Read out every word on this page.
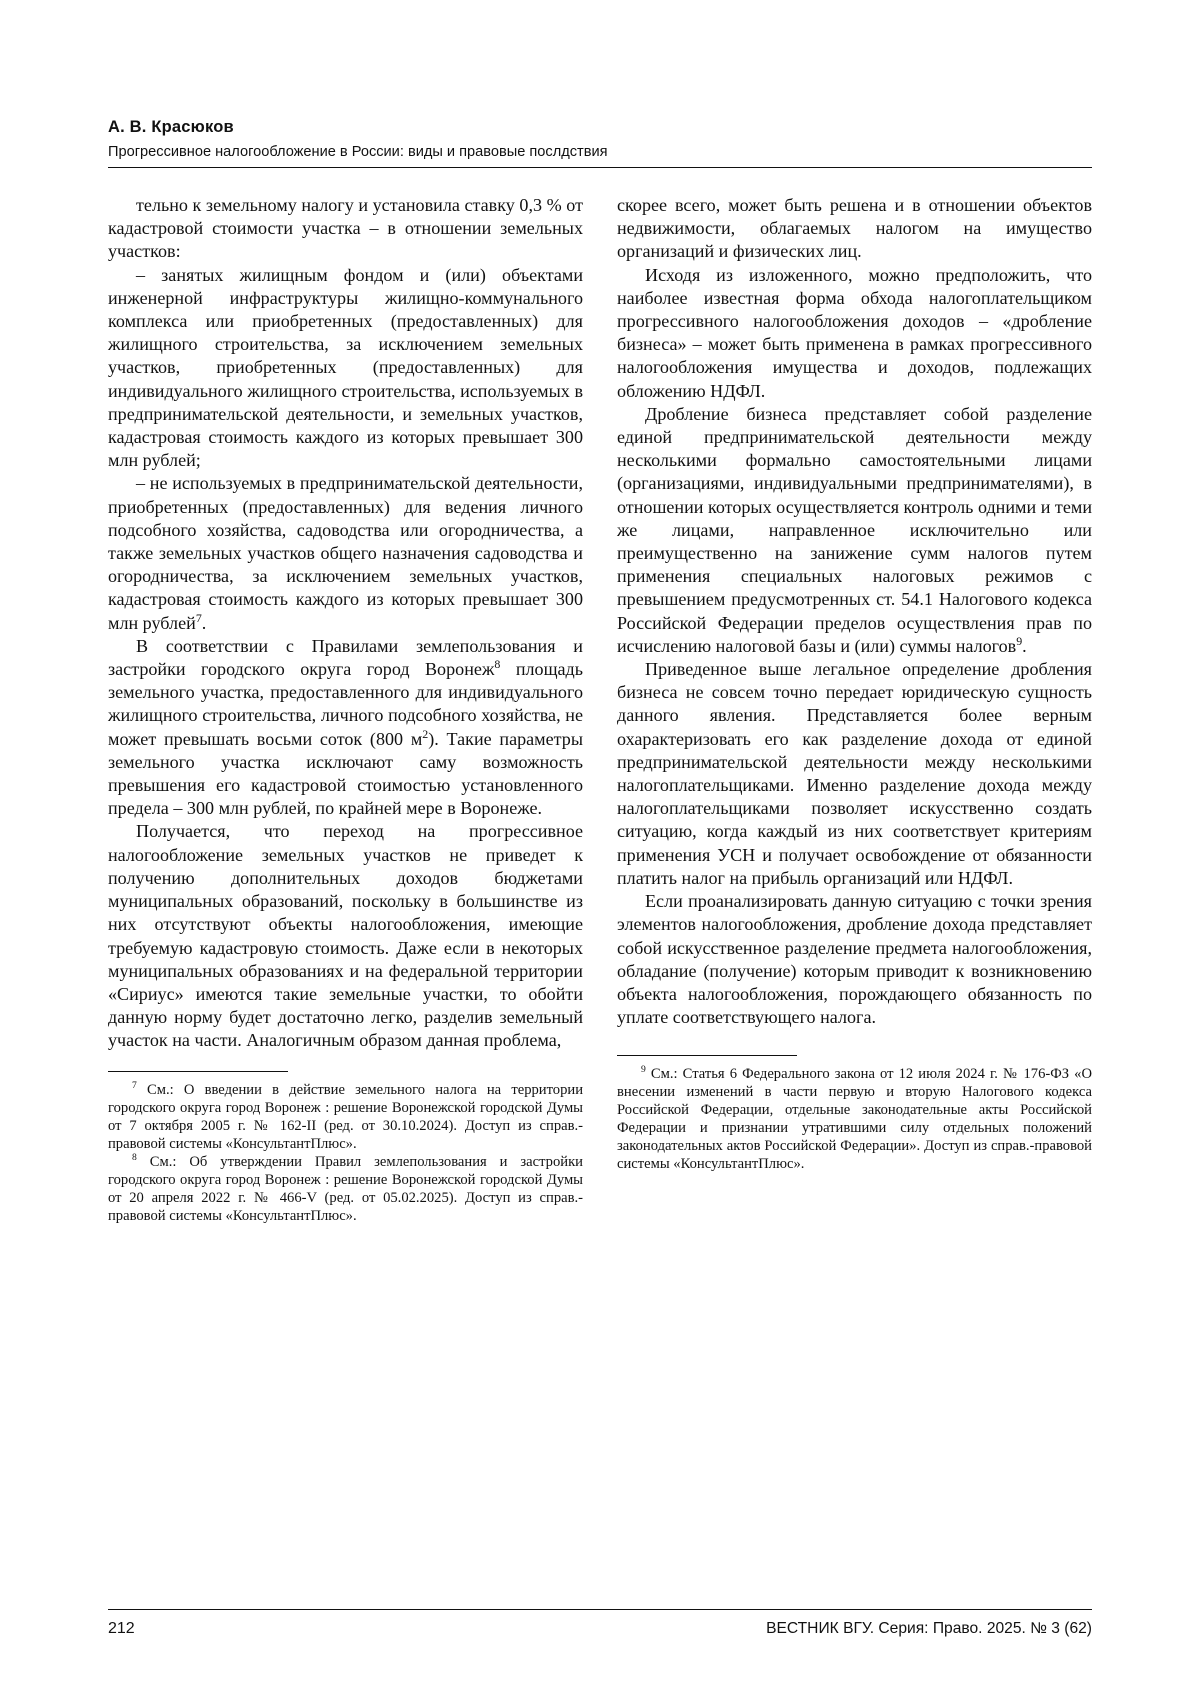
А. В. Красюков
Прогрессивное налогообложение в России: виды и правовые послдствия

тельно к земельному налогу и установила ставку 0,3 % от кадастровой стоимости участка – в отношении земельных участков:

– занятых жилищным фондом и (или) объектами инженерной инфраструктуры жилищно-коммунального комплекса или приобретенных (предоставленных) для жилищного строительства, за исключением земельных участков, приобретенных (предоставленных) для индивидуального жилищного строительства, используемых в предпринимательской деятельности, и земельных участков, кадастровая стоимость каждого из которых превышает 300 млн рублей;

– не используемых в предпринимательской деятельности, приобретенных (предоставленных) для ведения личного подсобного хозяйства, садоводства или огородничества, а также земельных участков общего назначения садоводства и огородничества, за исключением земельных участков, кадастровая стоимость каждого из которых превышает 300 млн рублей$^7$.

В соответствии с Правилами землепользования и застройки городского округа город Воронеж$^8$ площадь земельного участка, предоставленного для индивидуального жилищного строительства, личного подсобного хозяйства, не может превышать восьми соток (800 $м^2$). Такие параметры земельного участка исключают саму возможность превышения его кадастровой стоимостью установленного предела – 300 млн рублей, по крайней мере в Воронеже.

Получается, что переход на прогрессивное налогообложение земельных участков не приведет к получению дополнительных доходов бюджетами муниципальных образований, поскольку в большинстве из них отсутствуют объекты налогообложения, имеющие требуемую кадастровую стоимость. Даже если в некоторых муниципальных образованиях и на федеральной территории «Сириус» имеются такие земельные участки, то обойти данную норму будет достаточно легко, разделив земельный участок на части. Аналогичным образом данная проблема,

$^7$ См.: О введении в действие земельного налога на территории городского округа город Воронеж : решение Воронежской городской Думы от 7 октября 2005 г. № 162-II (ред. от 30.10.2024). Доступ из справ.-правовой системы «КонсультантПлюс».

$^8$ См.: Об утверждении Правил землепользования и застройки городского округа город Воронеж : решение Воронежской городской Думы от 20 апреля 2022 г. № 466-V (ред. от 05.02.2025). Доступ из справ.-правовой системы «КонсультантПлюс».

скорее всего, может быть решена и в отношении объектов недвижимости, облагаемых налогом на имущество организаций и физических лиц.

Исходя из изложенного, можно предположить, что наиболее известная форма обхода налогоплательщиком прогрессивного налогообложения доходов – «дробление бизнеса» – может быть применена в рамках прогрессивного налогообложения имущества и доходов, подлежащих обложению НДФЛ.

Дробление бизнеса представляет собой разделение единой предпринимательской деятельности между несколькими формально самостоятельными лицами (организациями, индивидуальными предпринимателями), в отношении которых осуществляется контроль одними и теми же лицами, направленное исключительно или преимущественно на занижение сумм налогов путем применения специальных налоговых режимов с превышением предусмотренных ст. 54.1 Налогового кодекса Российской Федерации пределов осуществления прав по исчислению налоговой базы и (или) суммы налогов$^9$.

Приведенное выше легальное определение дробления бизнеса не совсем точно передает юридическую сущность данного явления. Представляется более верным охарактеризовать его как разделение дохода от единой предпринимательской деятельности между несколькими налогоплательщиками. Именно разделение дохода между налогоплательщиками позволяет искусственно создать ситуацию, когда каждый из них соответствует критериям применения УСН и получает освобождение от обязанности платить налог на прибыль организаций или НДФЛ.

Если проанализировать данную ситуацию с точки зрения элементов налогообложения, дробление дохода представляет собой искусственное разделение предмета налогообложения, обладание (получение) которым приводит к возникновению объекта налогообложения, порождающего обязанность по уплате соответствующего налога.

$^9$ См.: Статья 6 Федерального закона от 12 июля 2024 г. № 176-ФЗ «О внесении изменений в части первую и вторую Налогового кодекса Российской Федерации, отдельные законодательные акты Российской Федерации и признании утратившими силу отдельных положений законодательных актов Российской Федерации». Доступ из справ.-правовой системы «КонсультантПлюс».

212	ВЕСТНИК ВГУ. Серия: Право. 2025. № 3 (62)
